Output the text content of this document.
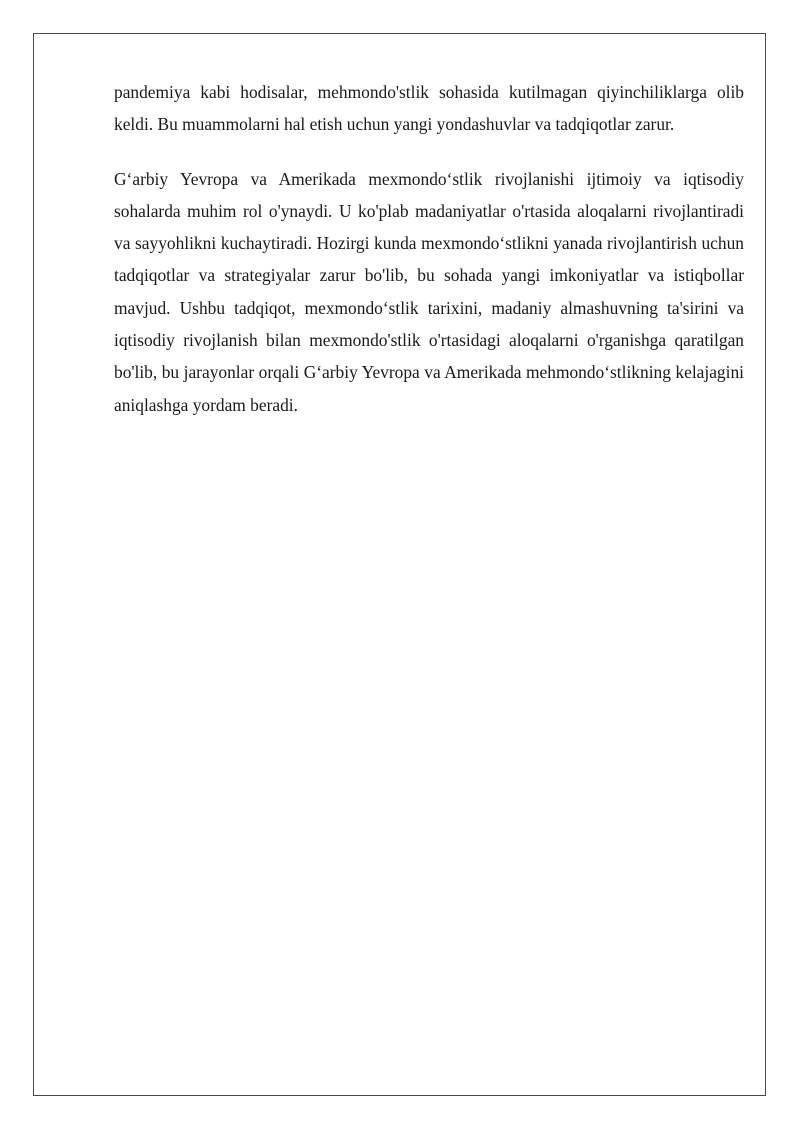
pandemiya kabi hodisalar, mehmondo'stlik sohasida kutilmagan qiyinchiliklarga olib keldi. Bu muammolarni hal etish uchun yangi yondashuvlar va tadqiqotlar zarur.

G‘arbiy Yevropa va Amerikada mexmondo‘stlik rivojlanishi ijtimoiy va iqtisodiy sohalarda muhim rol o'ynaydi. U ko'plab madaniyatlar o'rtasida aloqalarni rivojlantiradi va sayyohlikni kuchaytiradi. Hozirgi kunda mexmondo‘stlikni yanada rivojlantirish uchun tadqiqotlar va strategiyalar zarur bo'lib, bu sohada yangi imkoniyatlar va istiqbollar mavjud. Ushbu tadqiqot, mexmondo‘stlik tarixini, madaniy almashuvning ta'sirini va iqtisodiy rivojlanish bilan mexmondo'stlik o'rtasidagi aloqalarni o'rganishga qaratilgan bo'lib, bu jarayonlar orqali G‘arbiy Yevropa va Amerikada mehmondo‘stlikning kelajagini aniqlashga yordam beradi.
